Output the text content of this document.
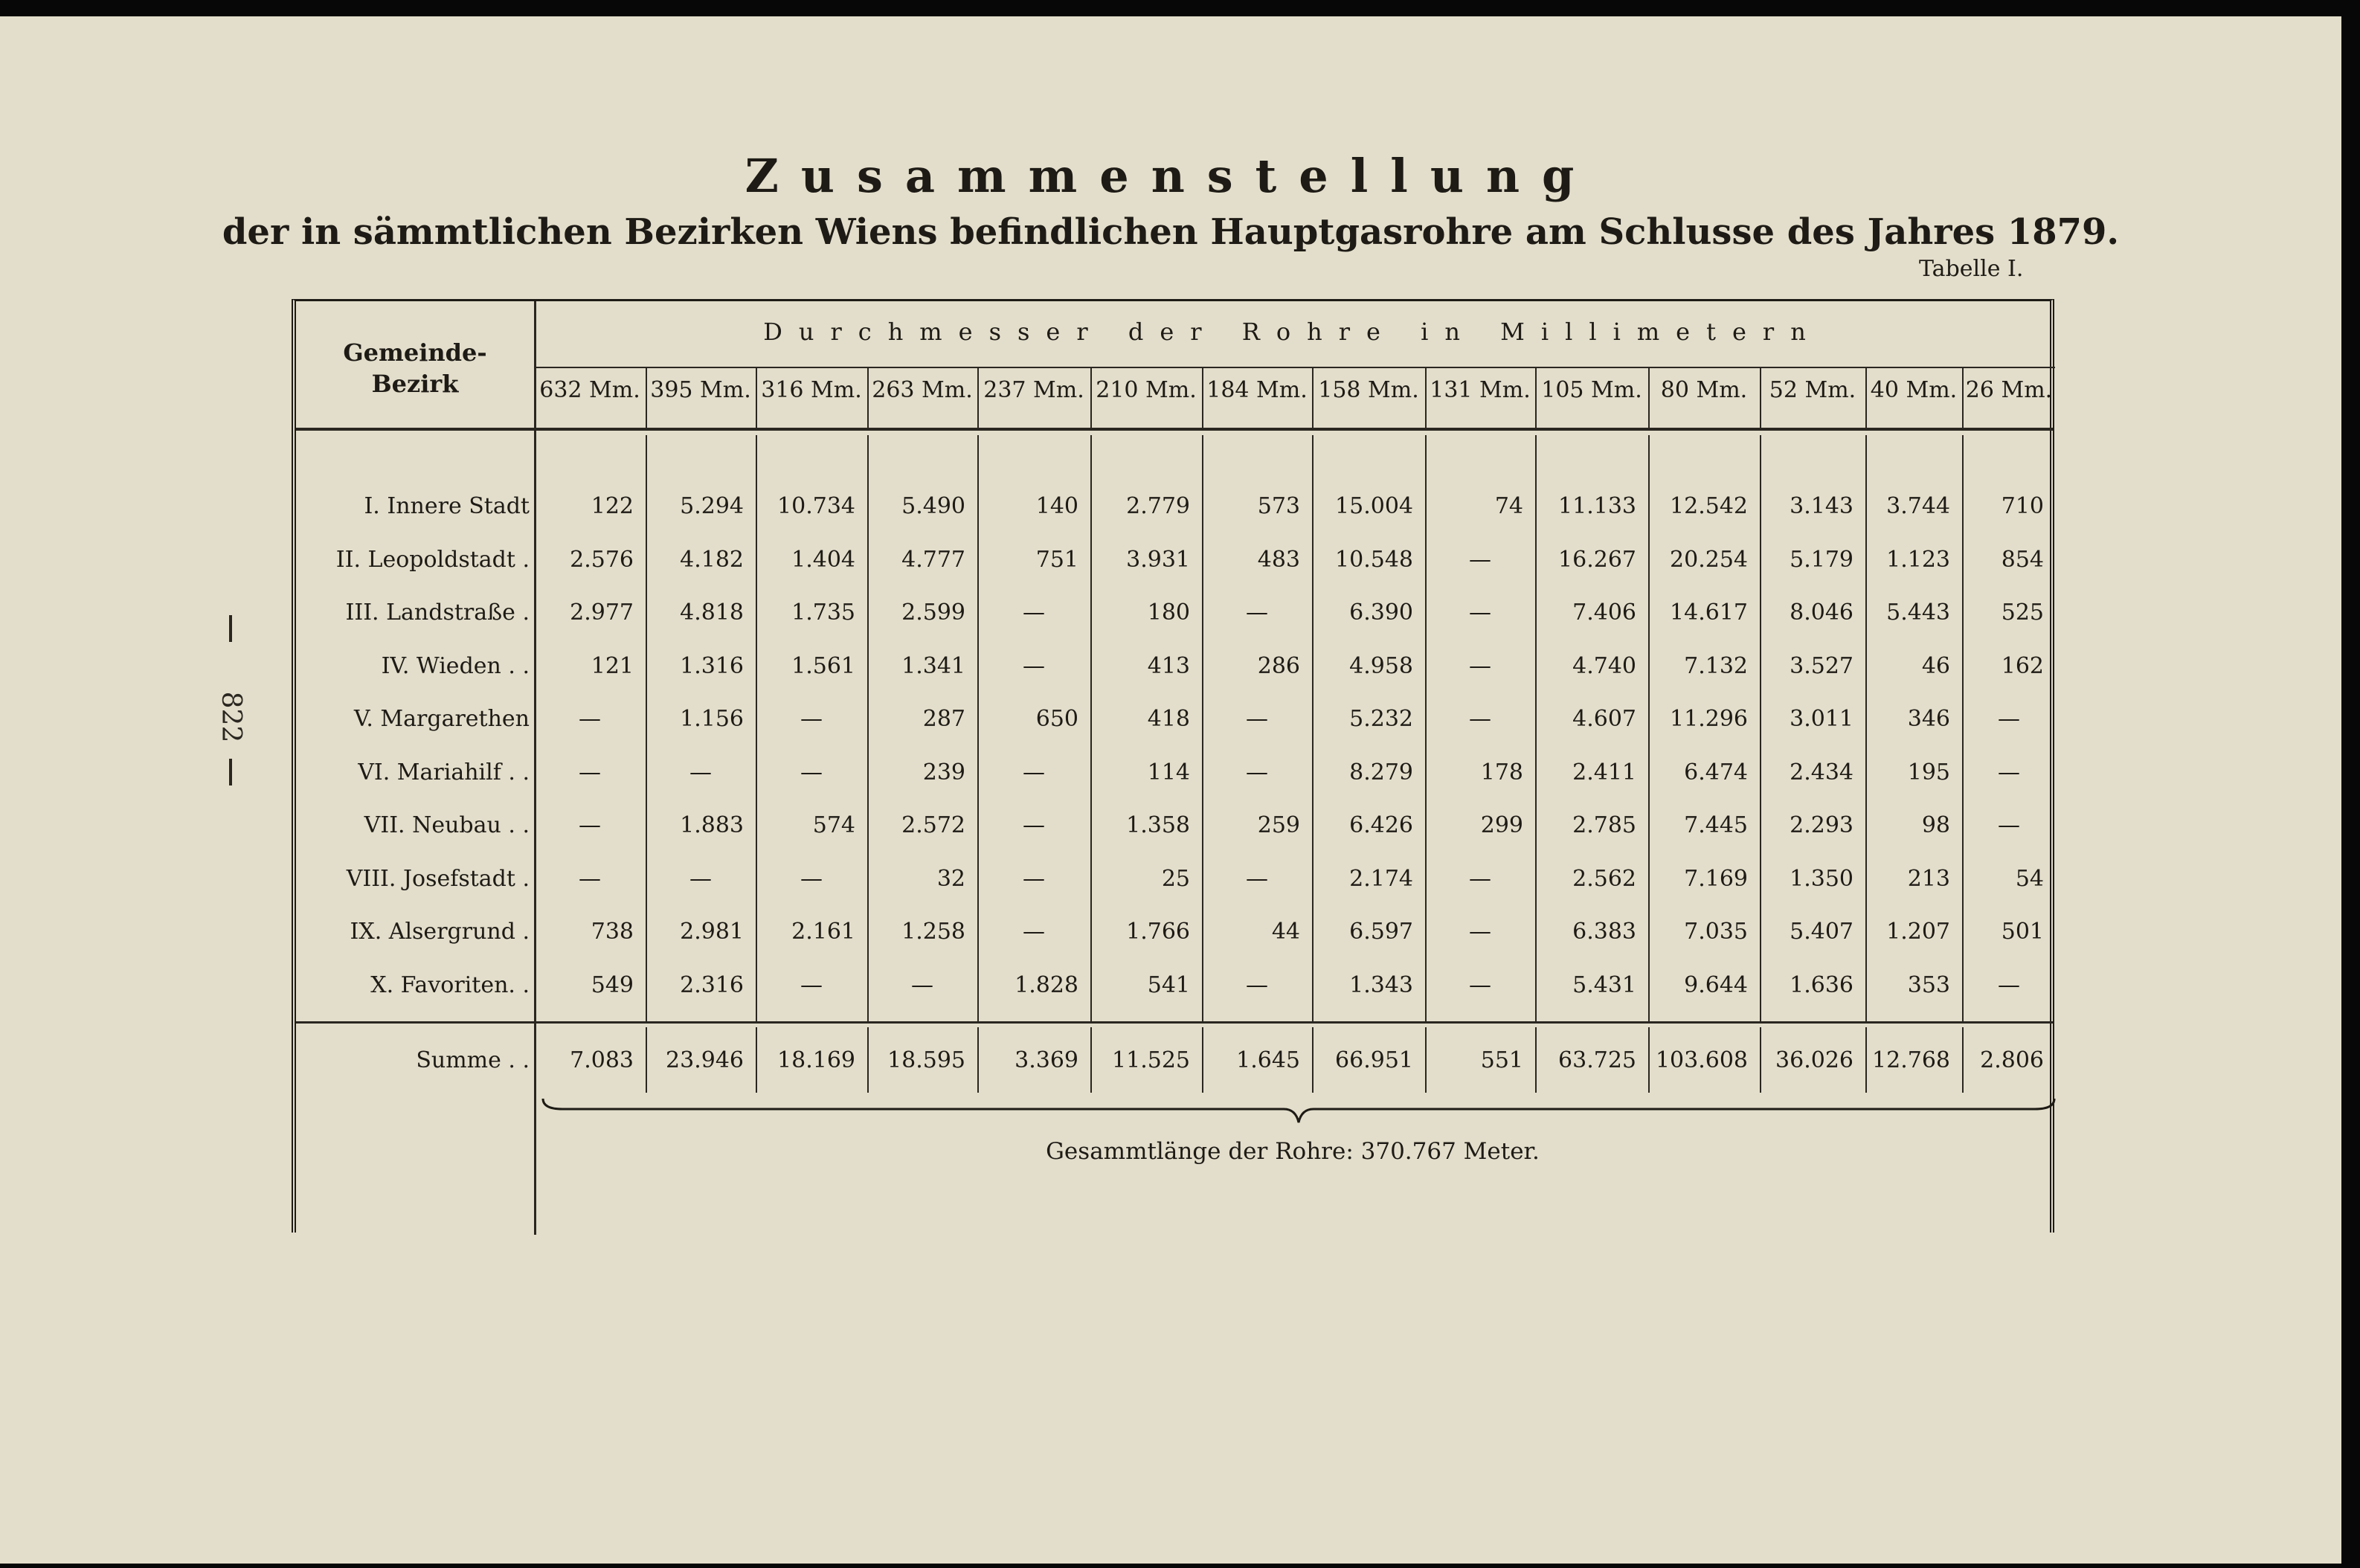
822
Zusammenstellung
der in sämmtlichen Bezirken Wiens befindlichen Hauptgasrohre am Schlusse des Jahres 1879.
Tabelle I.
Gemeinde-
Bezirk
Durchmesser der Rohre in Millimetern
632 Mm. 395 Mm. 316 Mm. 263 Mm. 237 Mm. 210 Mm. 184 Mm. 158 Mm. 131 Mm. 105 Mm. 80 Mm. 52 Mm. 40 Mm. 26 Mm.
I. Innere Stadt	122	5.294	10.734	5.490	140	2.779	573	15.004	74	11.133	12.542	3.143	3.744	710
II. Leopoldstadt .	2.576	4.182	1.404	4.777	751	3.931	483	10.548	—	16.267	20.254	5.179	1.123	854
III. Landstraße .	2.977	4.818	1.735	2.599	—	180	—	6.390	—	7.406	14.617	8.046	5.443	525
IV. Wieden . .	121	1.316	1.561	1.341	—	413	286	4.958	—	4.740	7.132	3.527	46	162
V. Margarethen	—	1.156	—	287	650	418	—	5.232	—	4.607	11.296	3.011	346	—
VI. Mariahilf . .	—	—	—	239	—	114	—	8.279	178	2.411	6.474	2.434	195	—
VII. Neubau . .	—	1.883	574	2.572	—	1.358	259	6.426	299	2.785	7.445	2.293	98	—
VIII. Josefstadt .	—	—	—	32	—	25	—	2.174	—	2.562	7.169	1.350	213	54
IX. Alsergrund .	738	2.981	2.161	1.258	—	1.766	44	6.597	—	6.383	7.035	5.407	1.207	501
X. Favoriten. .	549	2.316	—	—	1.828	541	—	1.343	—	5.431	9.644	1.636	353	—
Summe . .	7.083	23.946	18.169	18.595	3.369	11.525	1.645	66.951	551	63.725 103.608	36.026 12.768	2.806
Gesammtlänge der Rohre: 370.767 Meter.
